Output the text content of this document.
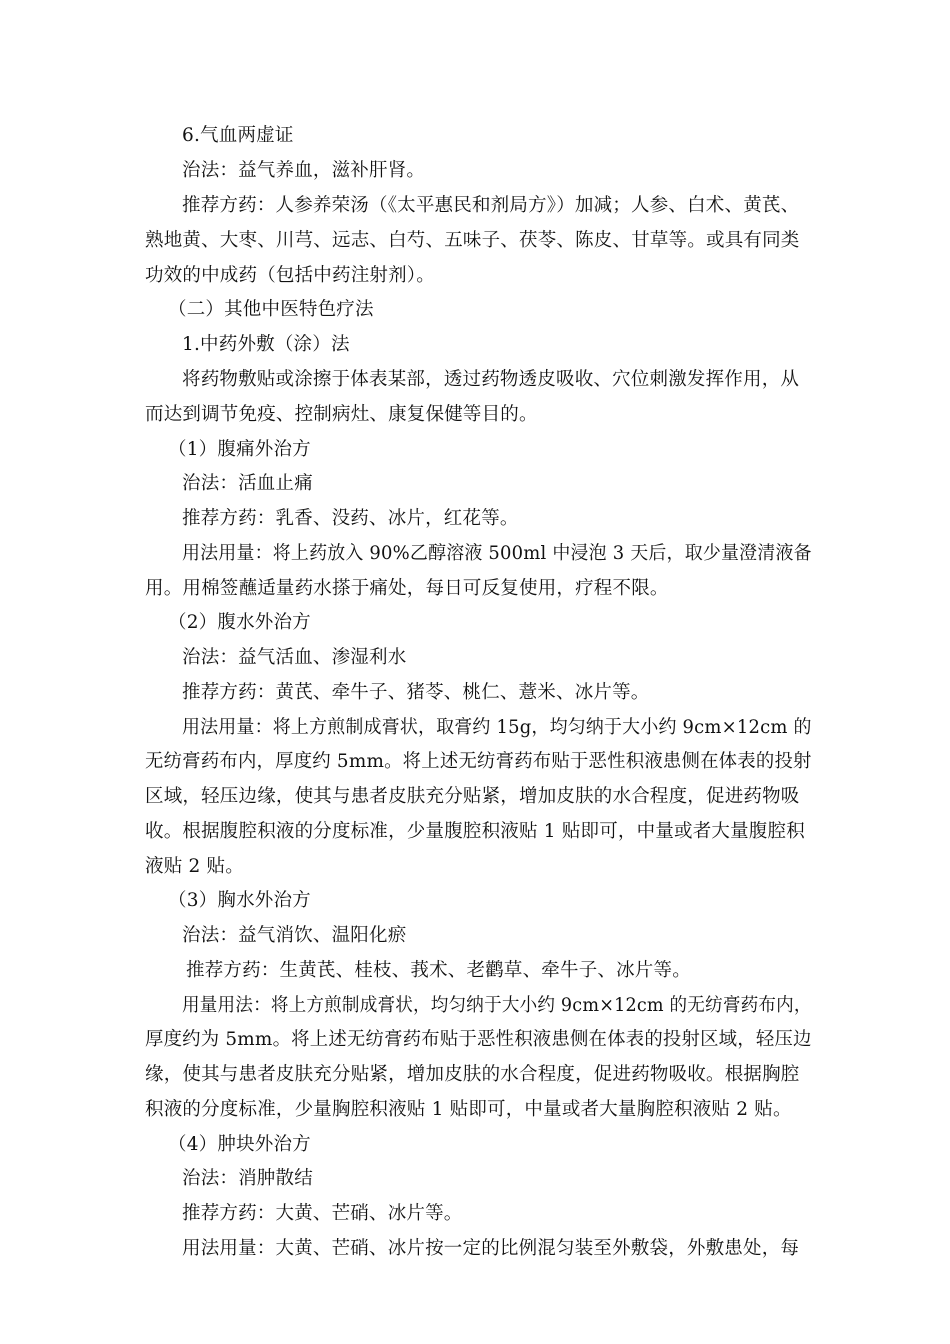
6.气血两虚证
治法：益气养血，滋补肝肾。
推荐方药：人参养荣汤（《太平惠民和剂局方》）加减；人参、白术、黄芪、
熟地黄、大枣、川芎、远志、白芍、五味子、茯苓、陈皮、甘草等。或具有同类
功效的中成药（包括中药注射剂）。
（二）其他中医特色疗法
1.中药外敷（涂）法
将药物敷贴或涂擦于体表某部，透过药物透皮吸收、穴位刺激发挥作用，从
而达到调节免疫、控制病灶、康复保健等目的。
（1）腹痛外治方
治法：活血止痛
推荐方药：乳香、没药、冰片，红花等。
用法用量：将上药放入 90%乙醇溶液 500ml 中浸泡 3 天后，取少量澄清液备
用。用棉签蘸适量药水搽于痛处，每日可反复使用，疗程不限。
（2）腹水外治方
治法：益气活血、渗湿利水
推荐方药：黄芪、牵牛子、猪苓、桃仁、薏米、冰片等。
用法用量：将上方煎制成膏状，取膏约 15g，均匀纳于大小约 9cm×12cm 的
无纺膏药布内，厚度约 5mm。将上述无纺膏药布贴于恶性积液患侧在体表的投射
区域，轻压边缘，使其与患者皮肤充分贴紧，增加皮肤的水合程度，促进药物吸
收。根据腹腔积液的分度标准，少量腹腔积液贴 1 贴即可，中量或者大量腹腔积
液贴 2 贴。
（3）胸水外治方
治法：益气消饮、温阳化瘀
推荐方药：生黄芪、桂枝、莪术、老鹳草、牵牛子、冰片等。
用量用法：将上方煎制成膏状，均匀纳于大小约 9cm×12cm 的无纺膏药布内，
厚度约为 5mm。将上述无纺膏药布贴于恶性积液患侧在体表的投射区域，轻压边
缘，使其与患者皮肤充分贴紧，增加皮肤的水合程度，促进药物吸收。根据胸腔
积液的分度标准，少量胸腔积液贴 1 贴即可，中量或者大量胸腔积液贴 2 贴。
（4）肿块外治方
治法：消肿散结
推荐方药：大黄、芒硝、冰片等。
用法用量：大黄、芒硝、冰片按一定的比例混匀装至外敷袋，外敷患处，每
